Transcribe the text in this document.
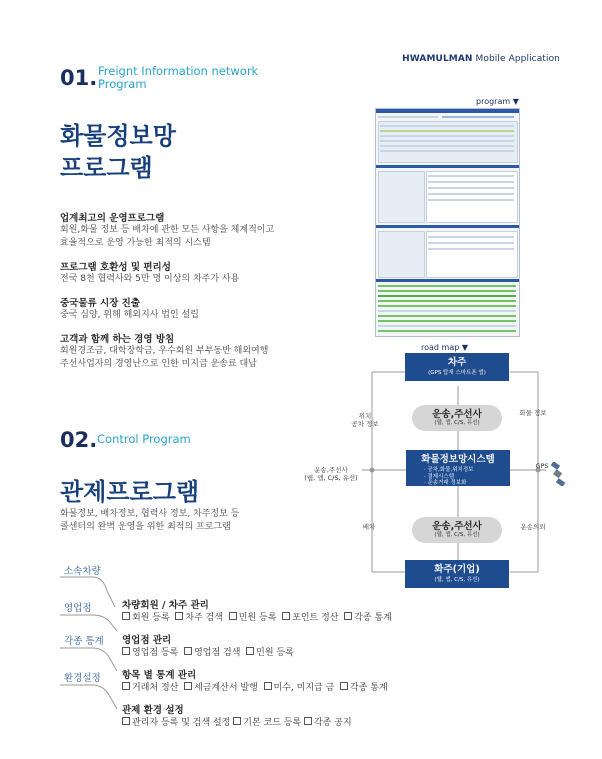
HWAMULMAN Mobile Application
01. Freignt Information network
Program
화물정보망
프로그램
업계최고의 운영프로그램
회원,화물 정보 등 배차에 관한 모든 사항을 체계적이고
효율적으로 운영 가능한 최적의 시스템
프로그램 호환성 및 편리성
전국 8천 협력사와 5만 명 이상의 차주가 사용
중국물류 시장 진출
중국 심양, 위해 해외지사 법인 설립
고객과 함께 하는 경영 방침
회원경조금, 대학장학금, 우수회원 부부동반 해외여행
주선사업자의 경영난으로 인한 미지급 운송료 대납
program ▼
road map ▼
차주
(GPS 탑재 스마트폰 앱)
운송,주선사
(웹, 앱, C/S, 유선)
화물정보망시스템
· 공차,화물,위치정보
· 결제시스템
· 운송거래 정보화
운송,주선사
(웹, 앱, C/S, 유선)
화주(기업)
(웹, 앱, C/S, 유선)
위치
공차 정보
화물 정보
운송,주선사
(웹, 앱, C/S, 유선)
GPS
배차	운송의뢰
02. Control Program
관제프로그램
화물정보, 배차정보, 협력사 정보, 차주정보 등
콜센터의 완벽 운영을 위한 최적의 프로그램
소속차량
영업점
각종 통계
환경설정
차량회원 / 차주 관리
회원 등록 차주 검색 민원 등록 포인트 정산 각종 통계
영업점 관리
영업점 등록 영업점 검색 민원 등록
항목 별 통계 관리
거래처 정산 세금계산서 발행 미수, 미지급 금 각종 통계
관제 환경 설정
관리자 등록 및 검색 설정 기본 코드 등록 각종 공지
